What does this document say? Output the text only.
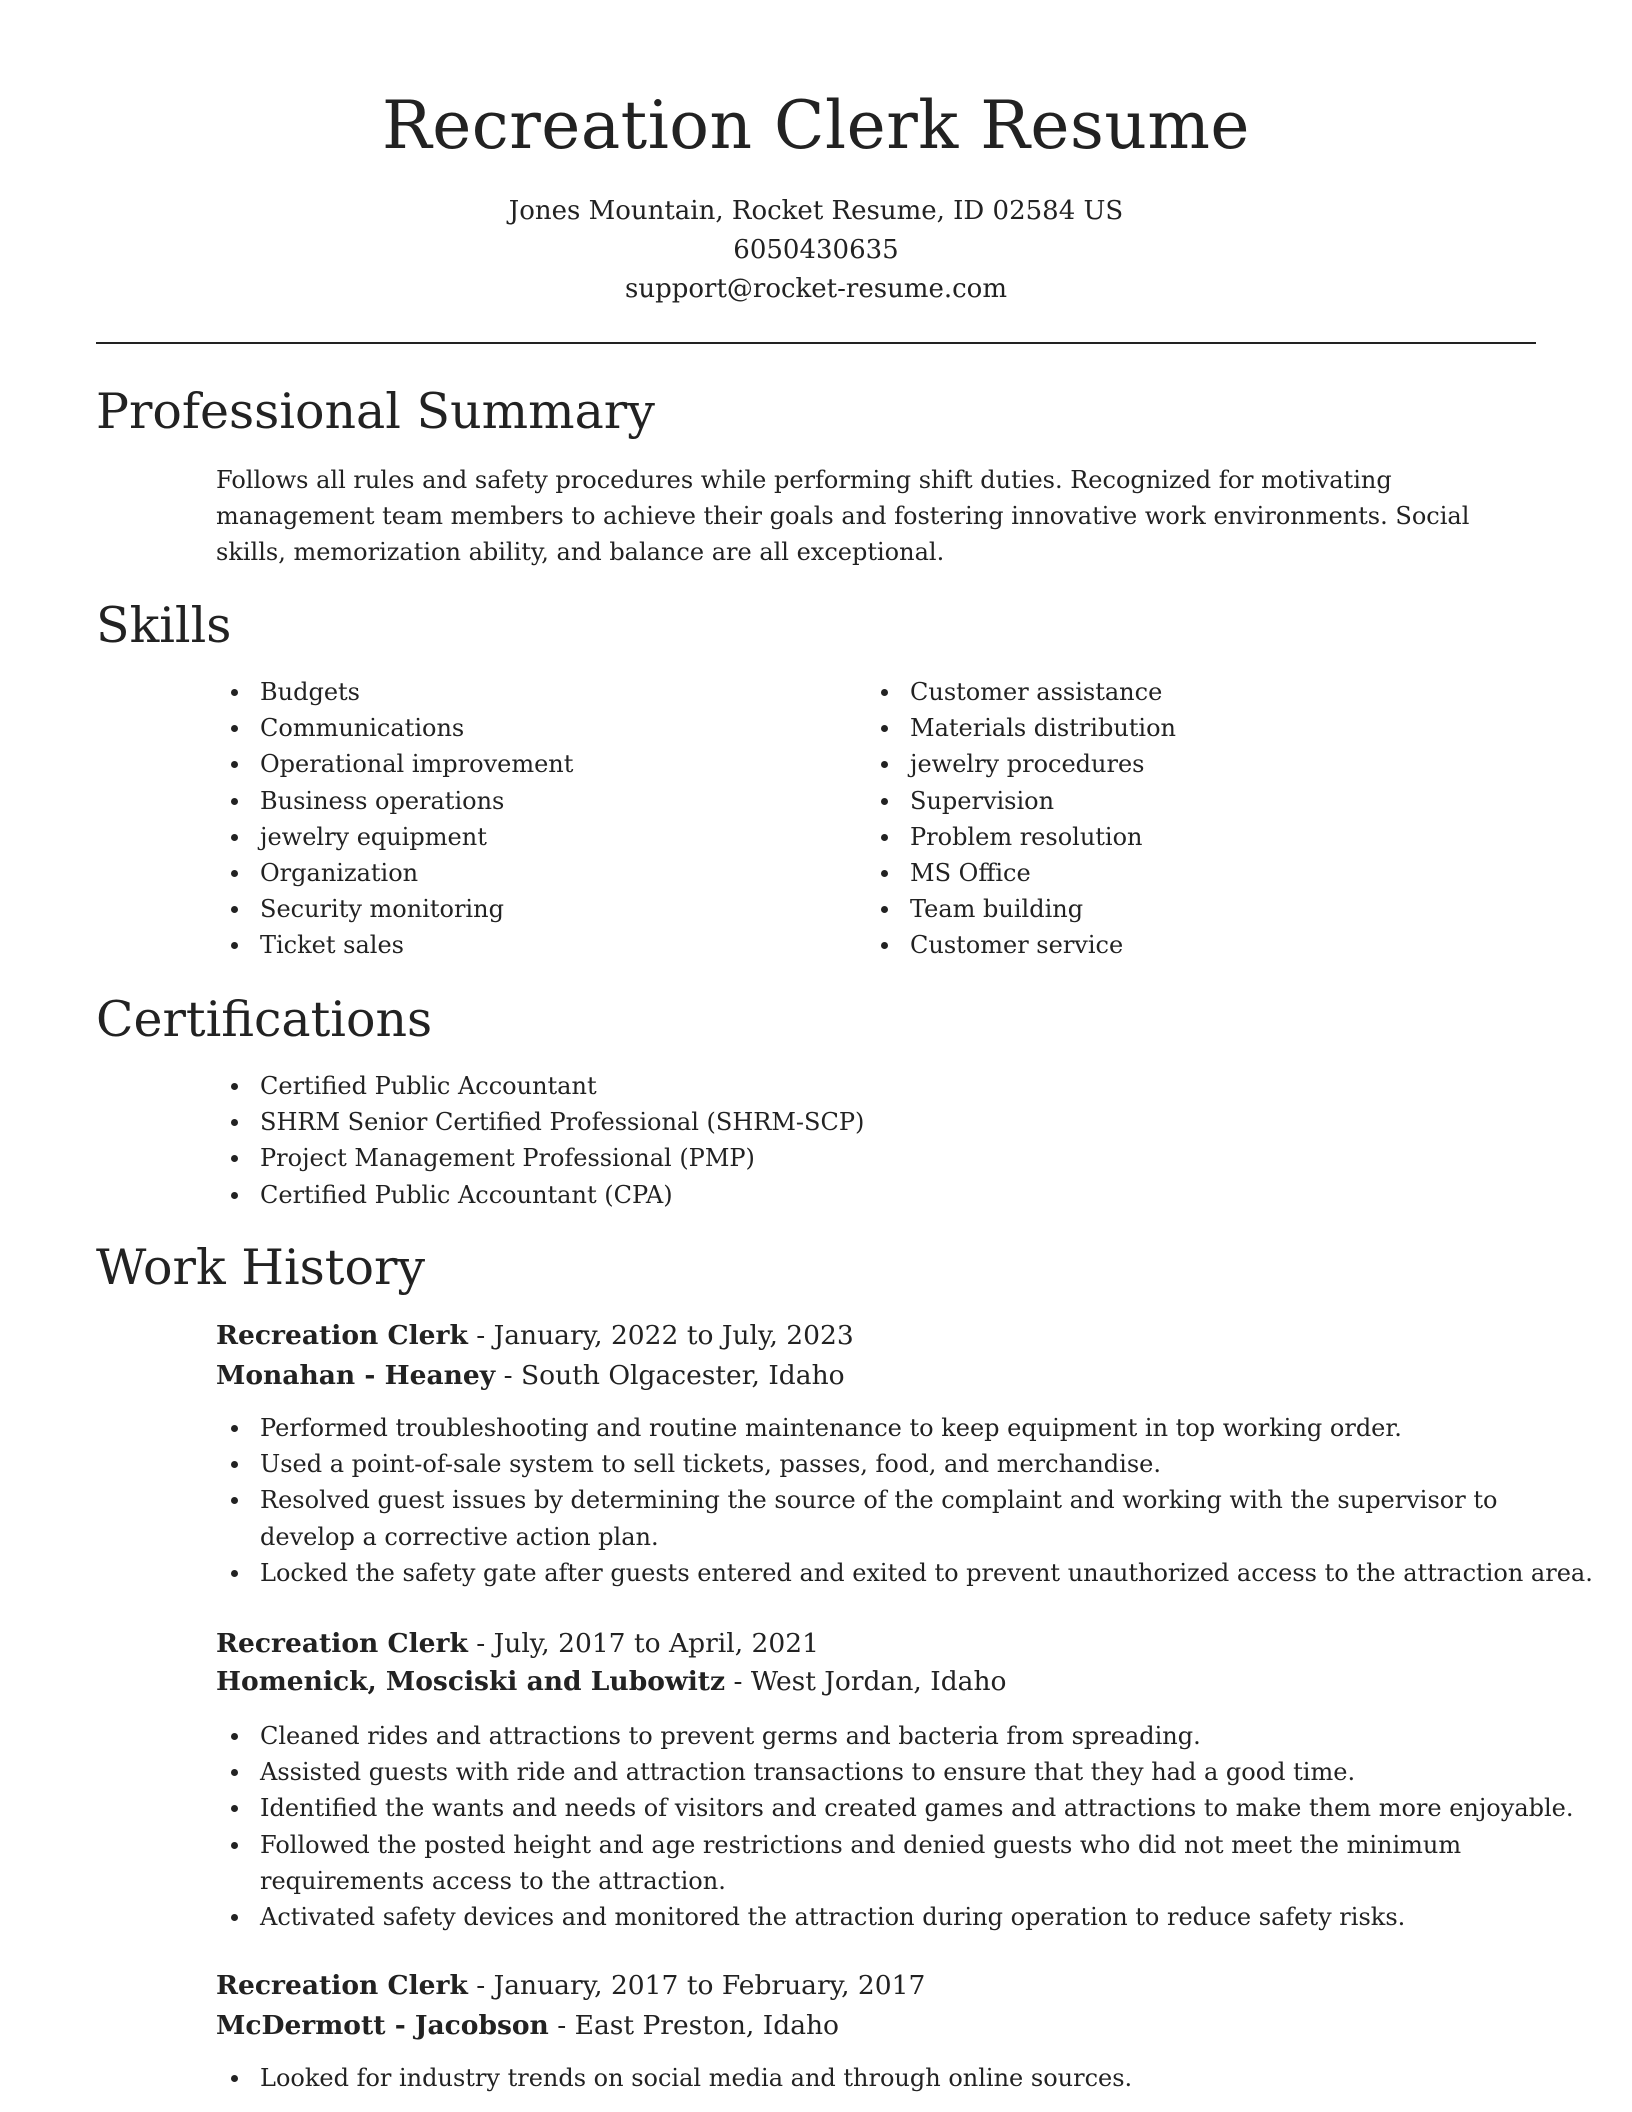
Recreation Clerk Resume
Jones Mountain, Rocket Resume, ID 02584 US
6050430635
support@rocket-resume.com
Professional Summary

Follows all rules and safety procedures while performing shift duties. Recognized for motivating management team members to achieve their goals and fostering innovative work environments. Social skills, memorization ability, and balance are all exceptional.

Skills
Budgets
Communications
Operational improvement
Business operations
jewelry equipment
Organization
Security monitoring
Ticket sales
Customer assistance
Materials distribution
jewelry procedures
Supervision
Problem resolution
MS Office
Team building
Customer service
Certifications
Certified Public Accountant
SHRM Senior Certified Professional (SHRM-SCP)
Project Management Professional (PMP)
Certified Public Accountant (CPA)
Work History
Recreation Clerk - January, 2022 to July, 2023
Monahan - Heaney - South Olgacester, Idaho
Performed troubleshooting and routine maintenance to keep equipment in top working order.
Used a point-of-sale system to sell tickets, passes, food, and merchandise.
Resolved guest issues by determining the source of the complaint and working with the supervisor to develop a corrective action plan.
Locked the safety gate after guests entered and exited to prevent unauthorized access to the attraction area.
Recreation Clerk - July, 2017 to April, 2021
Homenick, Mosciski and Lubowitz - West Jordan, Idaho
Cleaned rides and attractions to prevent germs and bacteria from spreading.
Assisted guests with ride and attraction transactions to ensure that they had a good time.
Identified the wants and needs of visitors and created games and attractions to make them more enjoyable.
Followed the posted height and age restrictions and denied guests who did not meet the minimum requirements access to the attraction.
Activated safety devices and monitored the attraction during operation to reduce safety risks.
Recreation Clerk - January, 2017 to February, 2017
McDermott - Jacobson - East Preston, Idaho
Looked for industry trends on social media and through online sources.
